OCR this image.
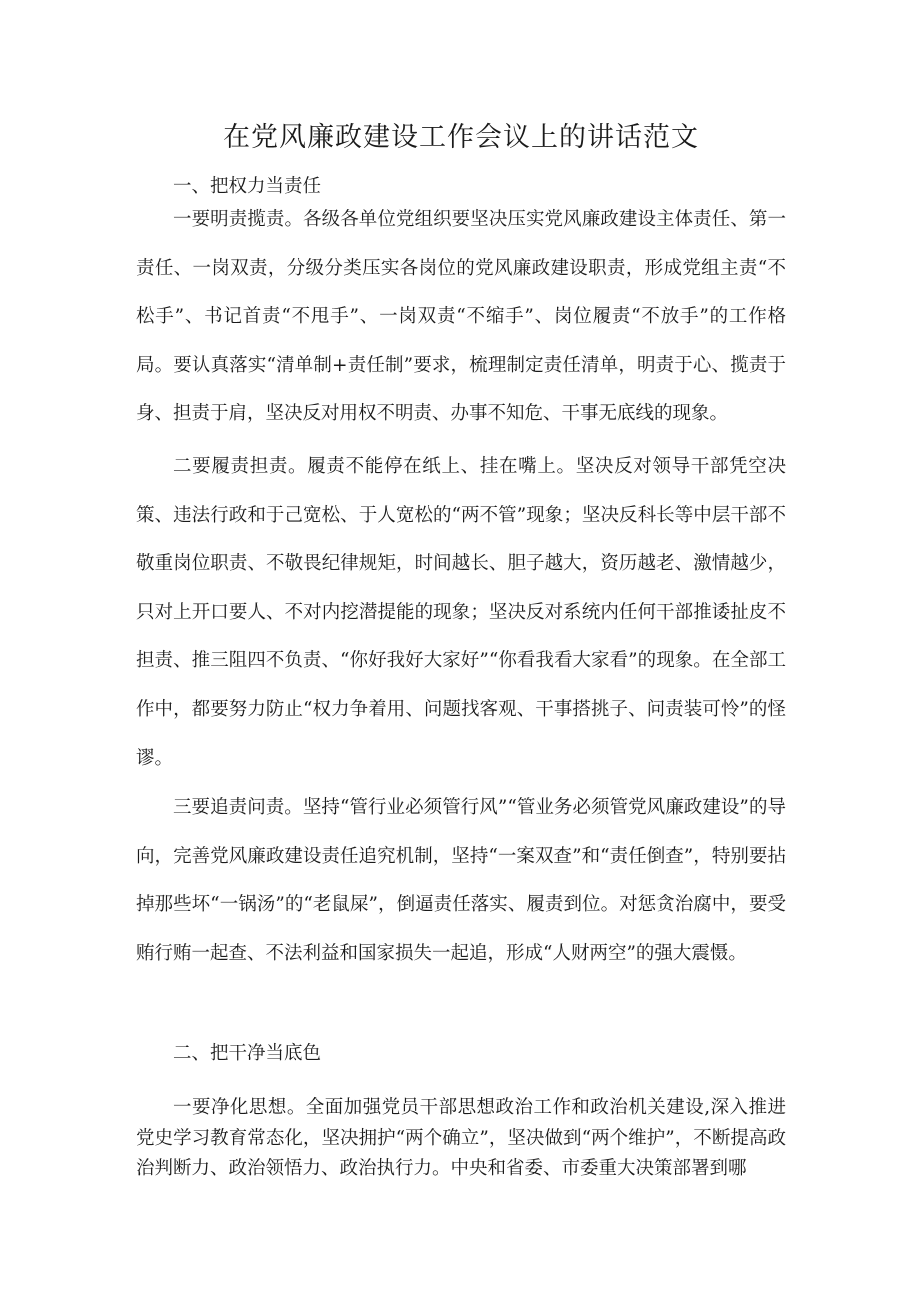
在党风廉政建设工作会议上的讲话范文

一、把权力当责任

一要明责揽责。各级各单位党组织要坚决压实党风廉政建设主体责任、第一责任、一岗双责，分级分类压实各岗位的党风廉政建设职责，形成党组主责“不松手”、书记首责“不甩手”、一岗双责“不缩手”、岗位履责“不放手”的工作格局。要认真落实“清单制+责任制”要求，梳理制定责任清单，明责于心、揽责于身、担责于肩，坚决反对用权不明责、办事不知危、干事无底线的现象。

二要履责担责。履责不能停在纸上、挂在嘴上。坚决反对领导干部凭空决策、违法行政和于己宽松、于人宽松的“两不管”现象；坚决反科长等中层干部不敬重岗位职责、不敬畏纪律规矩，时间越长、胆子越大，资历越老、激情越少，只对上开口要人、不对内挖潜提能的现象；坚决反对系统内任何干部推诿扯皮不担责、推三阻四不负责、“你好我好大家好”“你看我看大家看”的现象。在全部工作中，都要努力防止“权力争着用、问题找客观、干事搭挑子、问责装可怜”的怪谬。

三要追责问责。坚持“管行业必须管行风”“管业务必须管党风廉政建设”的导向，完善党风廉政建设责任追究机制，坚持“一案双查”和“责任倒查”，特别要拈掉那些坏“一锅汤”的“老鼠屎”，倒逼责任落实、履责到位。对惩贪治腐中，要受贿行贿一起查、不法利益和国家损失一起追，形成“人财两空”的强大震慑。

二、把干净当底色

一要净化思想。全面加强党员干部思想政治工作和政治机关建设,深入推进党史学习教育常态化，坚决拥护“两个确立”，坚决做到“两个维护”，不断提高政治判断力、政治领悟力、政治执行力。中央和省委、市委重大决策部署到哪
